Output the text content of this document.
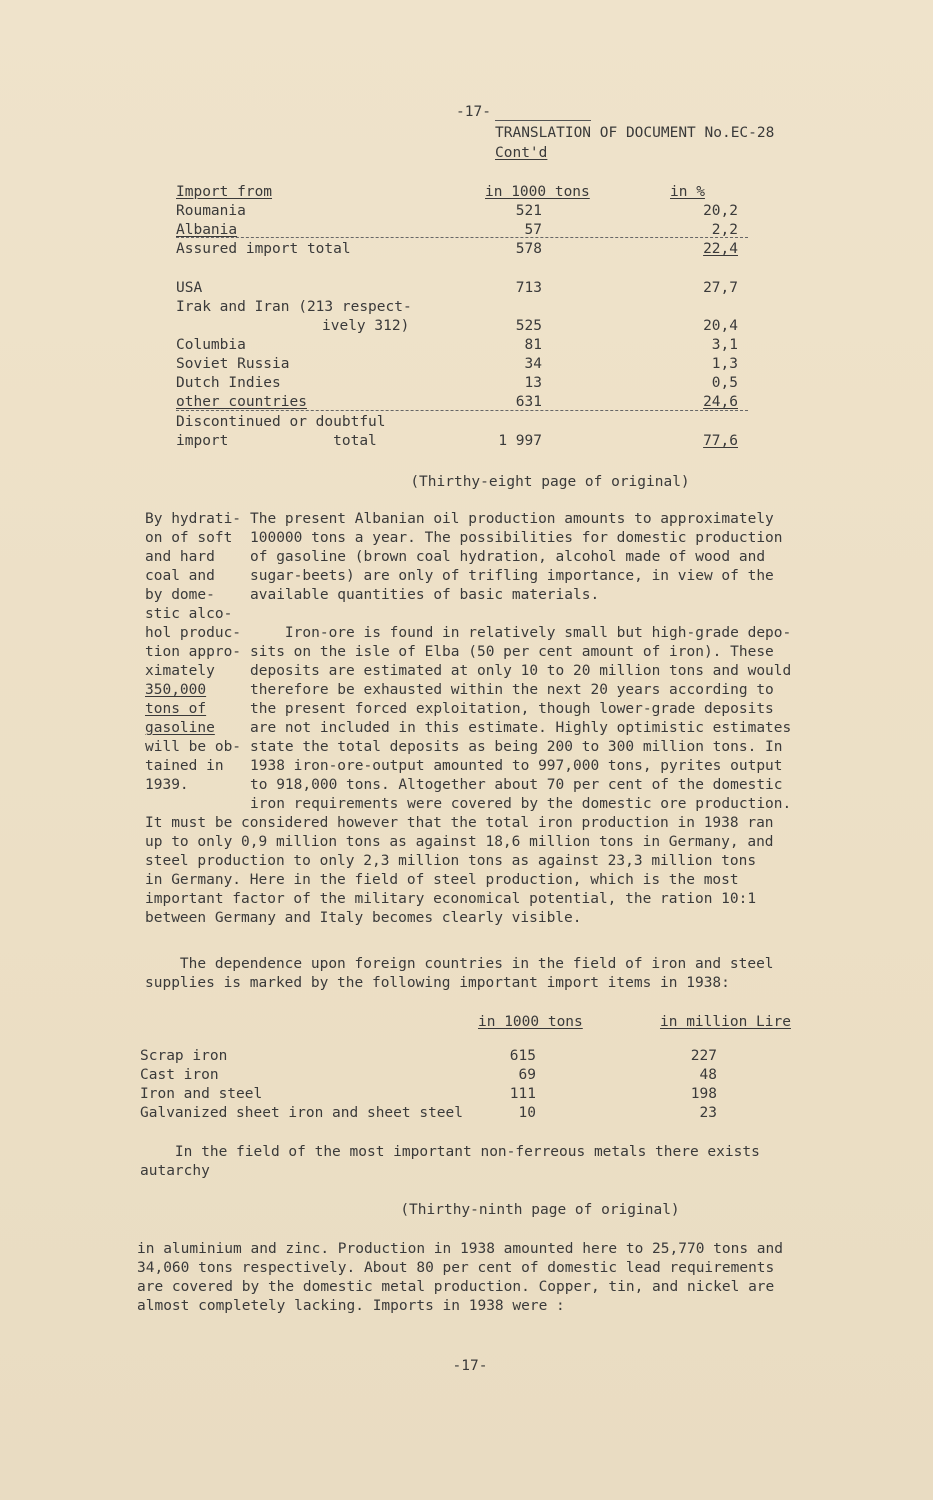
-17-
TRANSLATION OF DOCUMENT No.EC-28
Cont'd
Import from	in 1000 tons	in %
Roumania	521	20,2
Albania	57	2,2
Assured import total	578	22,4
USA	713	27,7
Irak and Iran (213 respect-
ively 312)	525	20,4
Columbia	81	3,1
Soviet Russia	34	1,3
Dutch Indies	13	0,5
other countries	631	24,6
Discontinued or doubtful
import            total	1 997	77,6
(Thirthy-eight page of original)
By hydrati-
on of soft
and hard
coal and
by dome-
stic alco-
hol produc-
tion appro-
ximately
350,000
tons of
gasoline
will be ob-
tained in
1939.
The present Albanian oil production amounts to approximately
100000 tons a year. The possibilities for domestic production
of gasoline (brown coal hydration, alcohol made of wood and
sugar-beets) are only of trifling importance, in view of the
available quantities of basic materials.
Iron-ore is found in relatively small but high-grade depo-
sits on the isle of Elba (50 per cent amount of iron). These
deposits are estimated at only 10 to 20 million tons and would
therefore be exhausted within the next 20 years according to
the present forced exploitation, though lower-grade deposits
are not included in this estimate. Highly optimistic estimates
state the total deposits as being 200 to 300 million tons. In
1938 iron-ore-output amounted to 997,000 tons, pyrites output
to 918,000 tons. Altogether about 70 per cent of the domestic
iron requirements were covered by the domestic ore production.
It must be considered however that the total iron production in 1938 ran
up to only 0,9 million tons as against 18,6 million tons in Germany, and
steel production to only 2,3 million tons as against 23,3 million tons
in Germany. Here in the field of steel production, which is the most
important factor of the military economical potential, the ration 10:1
between Germany and Italy becomes clearly visible.
The dependence upon foreign countries in the field of iron and steel
supplies is marked by the following important import items in 1938:
in 1000 tons	in million Lire
Scrap iron	615	227
Cast iron	69	48
Iron and steel	111	198
Galvanized sheet iron and sheet steel	10	23
In the field of the most important non-ferreous metals there exists
autarchy
(Thirthy-ninth page of original)
in aluminium and zinc. Production in 1938 amounted here to 25,770 tons and
34,060 tons respectively. About 80 per cent of domestic lead requirements
are covered by the domestic metal production. Copper, tin, and nickel are
almost completely lacking. Imports in 1938 were :
-17-
